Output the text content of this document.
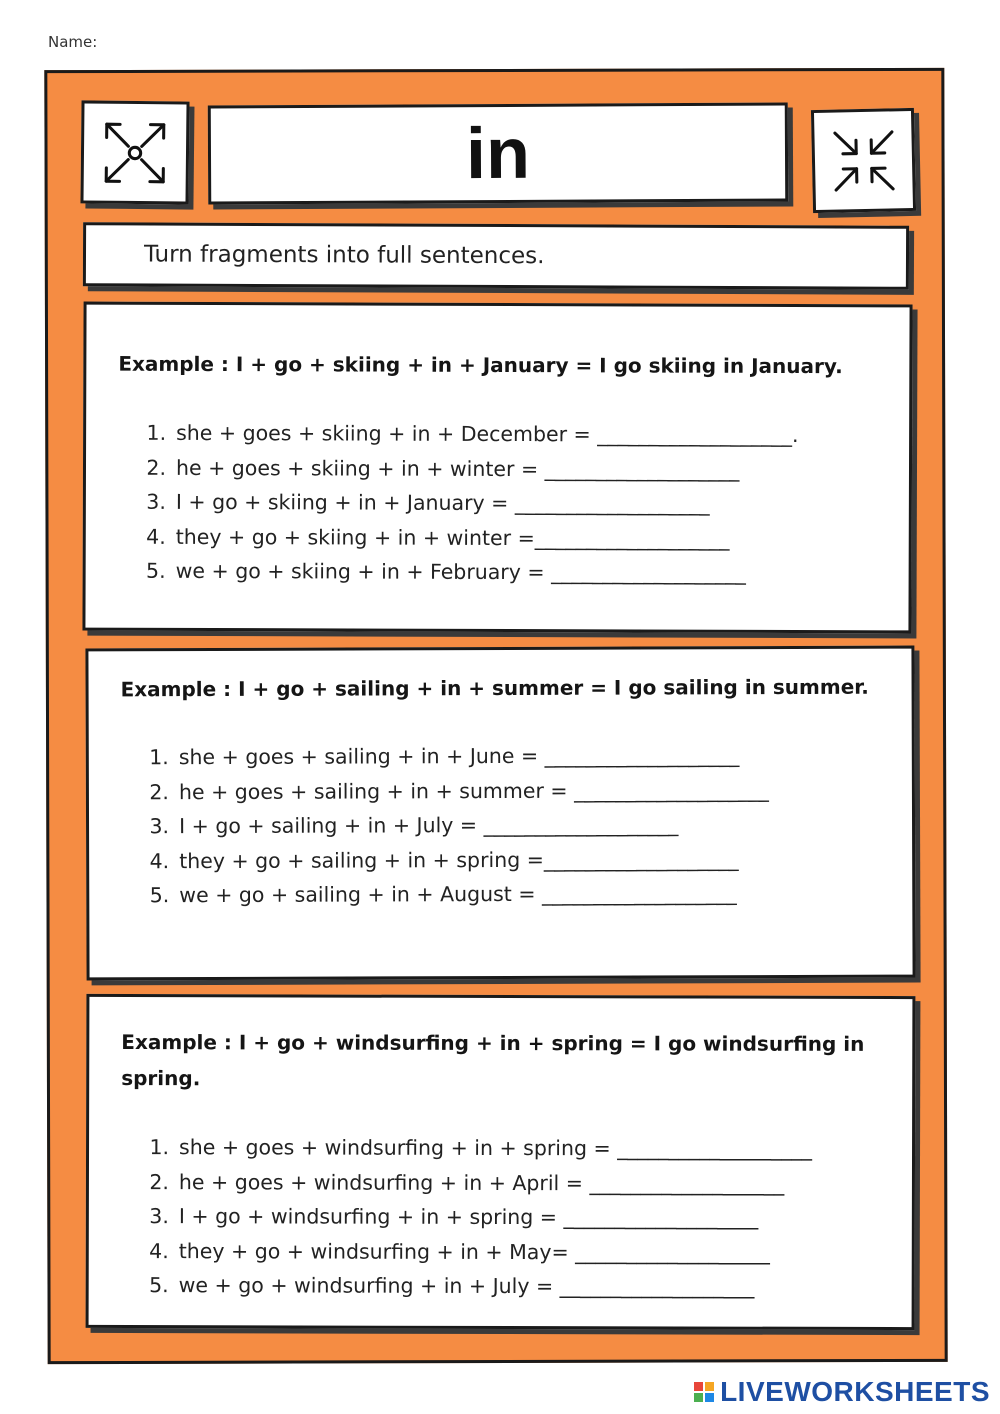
Name:
in
Turn fragments into full sentences.
Example : I + go + skiing + in + January = I go skiing in January.
1. she + goes + skiing + in + December = ___________________.
2. he + goes + skiing + in + winter = ___________________
3. I + go + skiing + in + January = ___________________
4. they + go + skiing + in + winter =___________________
5. we + go + skiing + in + February = ___________________
Example : I + go + sailing + in + summer = I go sailing in summer.
1. she + goes + sailing + in + June = ___________________
2. he + goes + sailing + in + summer = ___________________
3. I + go + sailing + in + July = ___________________
4. they + go + sailing + in + spring =___________________
5. we + go + sailing + in + August = ___________________
Example : I + go + windsurfing + in + spring = I go windsurfing in spring.
1. she + goes + windsurfing + in + spring = ___________________
2. he + goes + windsurfing + in + April = ___________________
3. I + go + windsurfing + in + spring = ___________________
4. they + go + windsurfing + in + May= ___________________
5. we + go + windsurfing + in + July = ___________________
LIVEWORKSHEETS
